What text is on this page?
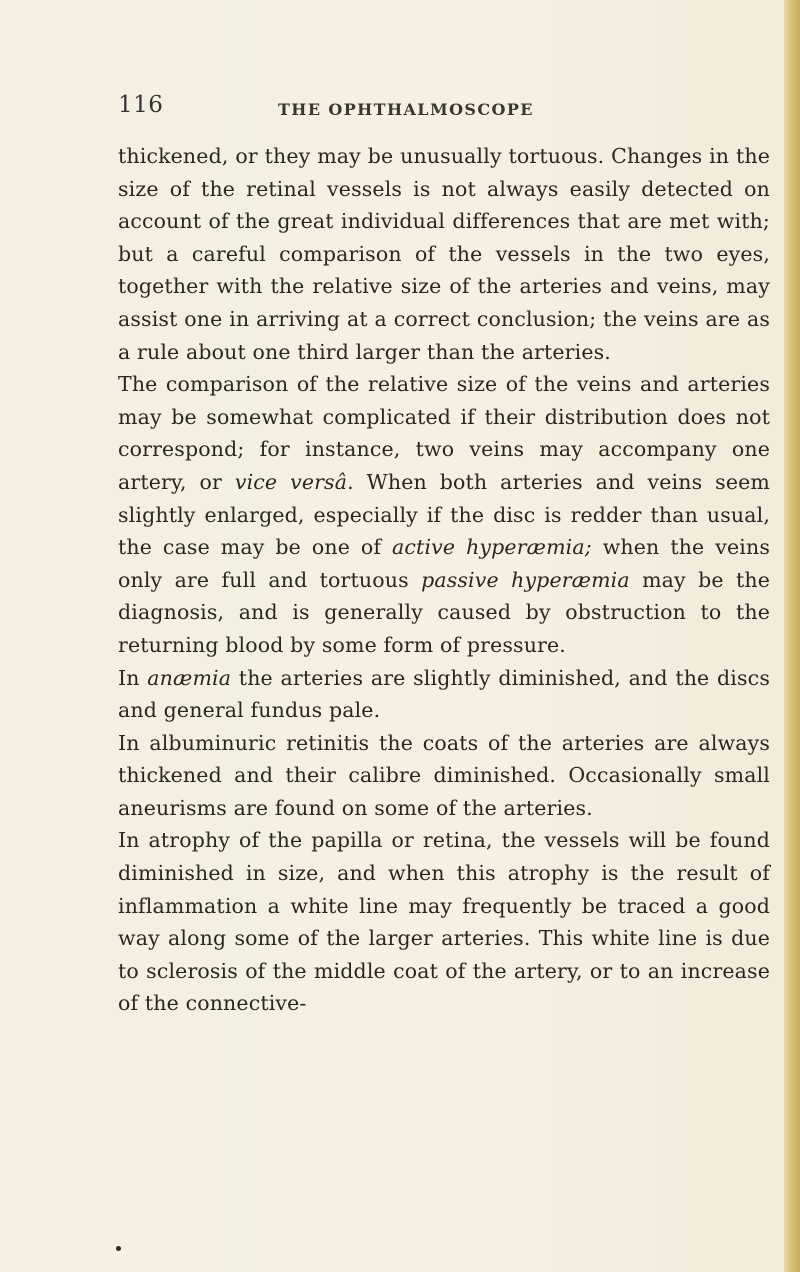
116	THE OPHTHALMOSCOPE

thickened, or they may be unusually tortuous. Changes in the size of the retinal vessels is not always easily detected on account of the great individual differences that are met with; but a careful comparison of the vessels in the two eyes, together with the relative size of the arteries and veins, may assist one in arriving at a correct conclusion; the veins are as a rule about one third larger than the arteries.

The comparison of the relative size of the veins and arteries may be somewhat complicated if their distribution does not correspond; for instance, two veins may accompany one artery, or vice versâ. When both arteries and veins seem slightly enlarged, especially if the disc is redder than usual, the case may be one of active hyperæmia; when the veins only are full and tortuous passive hyperæmia may be the diagnosis, and is generally caused by obstruction to the returning blood by some form of pressure.

In anæmia the arteries are slightly diminished, and the discs and general fundus pale.

In albuminuric retinitis the coats of the arteries are always thickened and their calibre diminished. Occasionally small aneurisms are found on some of the arteries.

In atrophy of the papilla or retina, the vessels will be found diminished in size, and when this atrophy is the result of inflammation a white line may frequently be traced a good way along some of the larger arteries. This white line is due to sclerosis of the middle coat of the artery, or to an increase of the connective-
